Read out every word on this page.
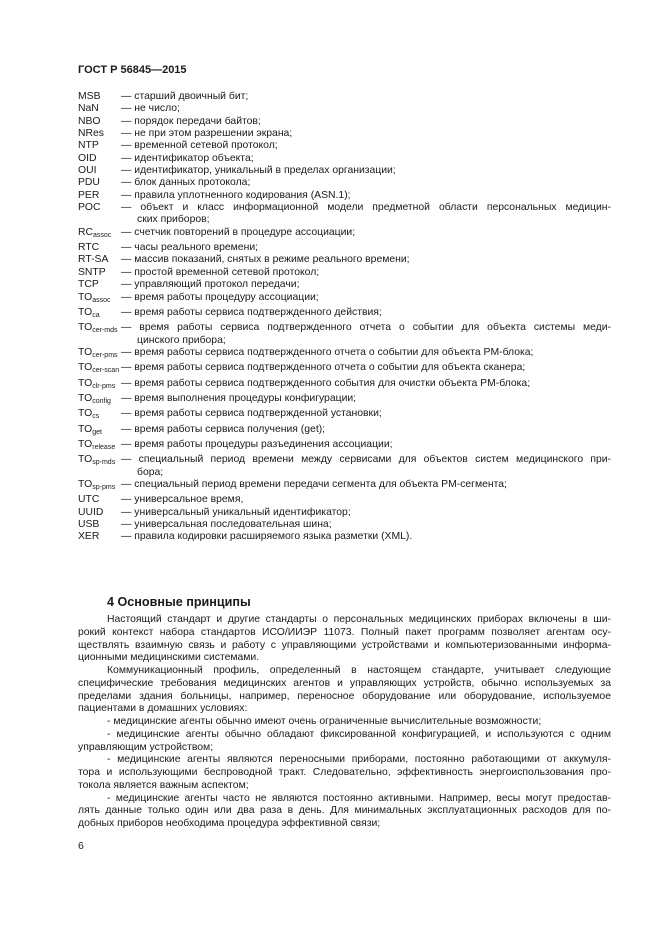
ГОСТ Р 56845—2015
MSB	— старший двоичный бит;
NaN	— не число;
NBO	— порядок передачи байтов;
NRes	— не при этом разрешении экрана;
NTP	— временной сетевой протокол;
OID	— идентификатор объекта;
OUI	— идентификатор, уникальный в пределах организации;
PDU	— блок данных протокола;
PER	— правила уплотненного кодирования (ASN.1);
POC	— объект и класс информационной модели предметной области персональных медицин-
ских приборов;
$RC_{assoc}$ — счетчик повторений в процедуре ассоциации;
RTC	— часы реального времени;
RT-SA	— массив показаний, снятых в режиме реального времени;
SNTP	— простой временной сетевой протокол;
TCP	— управляющий протокол передачи;
$TO_{assoc}$	— время работы процедуру ассоциации;
$TO_{ca}$	— время работы сервиса подтвержденного действия;
$TO_{cer-mds}$ — время работы сервиса подтвержденного отчета о событии для объекта системы меди-
цинского прибора;
$TO_{cer-pms}$ — время работы сервиса подтвержденного отчета о событии для объекта PM-блока;
$TO_{cer-scan}$ — время работы сервиса подтвержденного отчета о событии для объекта сканера;
$TO_{clr-pms}$ — время работы сервиса подтвержденного события для очистки объекта PM-блока;
$TO_{config}$ — время выполнения процедуры конфигурации;
$TO_{cs}$	— время работы сервиса подтвержденной установки;
$TO_{get}$	— время работы сервиса получения (get);
$TO_{release}$ — время работы процедуры разъединения ассоциации;
$TO_{sp-mds}$ — специальный период времени между сервисами для объектов систем медицинского при-
бора;
$TO_{sp-pms}$ — специальный период времени передачи сегмента для объекта PM-сегмента;
UTC	— универсальное время,
UUID	— универсальный уникальный идентификатор;
USB	— универсальная последовательная шина;
XER	— правила кодировки расширяемого языка разметки (XML).
4 Основные принципы
Настоящий стандарт и другие стандарты о персональных медицинских приборах включены в ши-
рокий контекст набора стандартов ИСО/ИИЭР 11073. Полный пакет программ позволяет агентам осу-
ществлять взаимную связь и работу с управляющими устройствами и компьютеризованными информа-
ционными медицинскими системами.
Коммуникационный профиль, определенный в настоящем стандарте, учитывает следующие
специфические требования медицинских агентов и управляющих устройств, обычно используемых за
пределами здания больницы, например, переносное оборудование или оборудование, используемое
пациентами в домашних условиях:
- медицинские агенты обычно имеют очень ограниченные вычислительные возможности;
- медицинские агенты обычно обладают фиксированной конфигурацией, и используются с одним
управляющим устройством;
- медицинские агенты являются переносными приборами, постоянно работающими от аккумуля-
тора и использующими беспроводной тракт. Следовательно, эффективность энергоиспользования про-
токола является важным аспектом;
- медицинские агенты часто не являются постоянно активными. Например, весы могут предостав-
лять данные только один или два раза в день. Для минимальных эксплуатационных расходов для по-
добных приборов необходима процедура эффективной связи;
6
